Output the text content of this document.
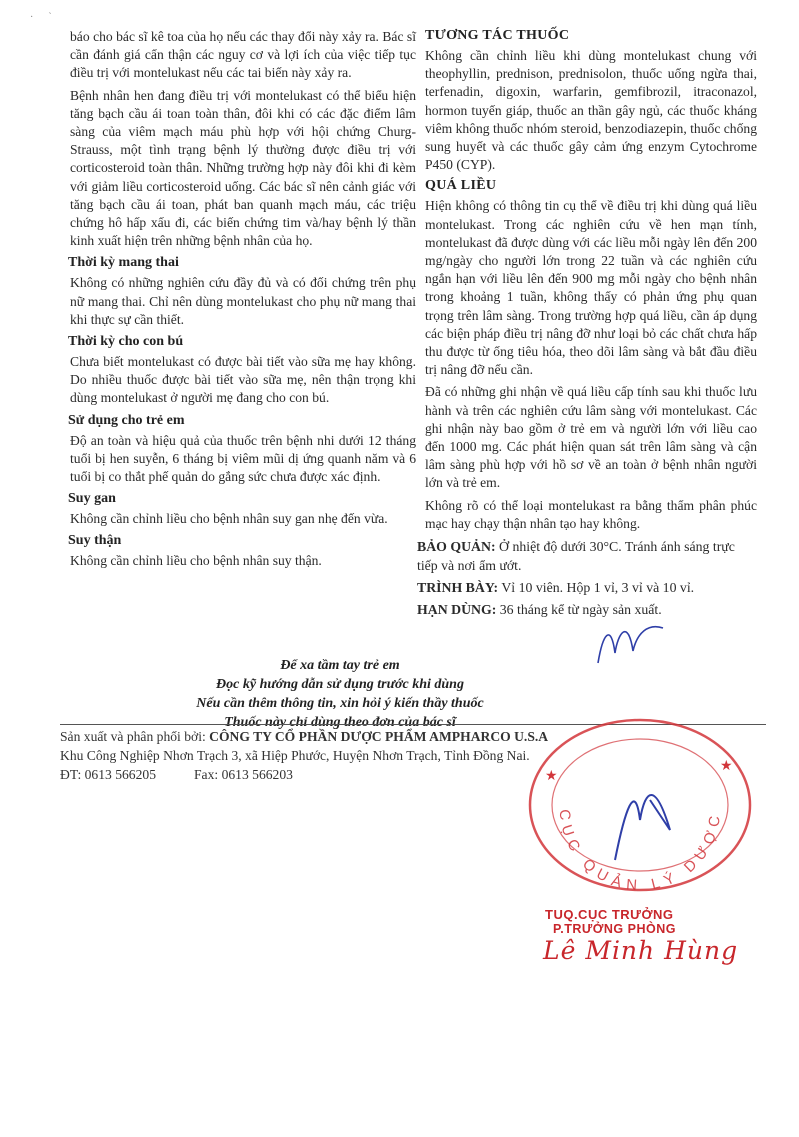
·      ˋ

báo cho bác sĩ kê toa của họ nếu các thay đổi này xảy ra. Bác sĩ cần đánh giá cẩn thận các nguy cơ và lợi ích của việc tiếp tục điều trị với montelukast nếu các tai biến này xảy ra.

Bệnh nhân hen đang điều trị với montelukast có thể biểu hiện tăng bạch cầu ái toan toàn thân, đôi khi có các đặc điểm lâm sàng của viêm mạch máu phù hợp với hội chứng Churg-Strauss, một tình trạng bệnh lý thường được điều trị với corticosteroid toàn thân. Những trường hợp này đôi khi đi kèm với giảm liều corticosteroid uống. Các bác sĩ nên cảnh giác với tăng bạch cầu ái toan, phát ban quanh mạch máu, các triệu chứng hô hấp xấu đi, các biến chứng tim và/hay bệnh lý thần kinh xuất hiện trên những bệnh nhân của họ.

Thời kỳ mang thai

Không có những nghiên cứu đầy đủ và có đối chứng trên phụ nữ mang thai. Chỉ nên dùng montelukast cho phụ nữ mang thai khi thực sự cần thiết.

Thời kỳ cho con bú

Chưa biết montelukast có được bài tiết vào sữa mẹ hay không. Do nhiều thuốc được bài tiết vào sữa mẹ, nên thận trọng khi dùng montelukast ở người mẹ đang cho con bú.

Sử dụng cho trẻ em

Độ an toàn và hiệu quả của thuốc trên bệnh nhi dưới 12 tháng tuổi bị hen suyễn, 6 tháng bị viêm mũi dị ứng quanh năm và 6 tuổi bị co thắt phế quản do gắng sức chưa được xác định.

Suy gan

Không cần chỉnh liều cho bệnh nhân suy gan nhẹ đến vừa.

Suy thận

Không cần chỉnh liều cho bệnh nhân suy thận.

TƯƠNG TÁC THUỐC

Không cần chỉnh liều khi dùng montelukast chung với theophyllin, prednison, prednisolon, thuốc uống ngừa thai, terfenadin, digoxin, warfarin, gemfibrozil, itraconazol, hormon tuyến giáp, thuốc an thần gây ngủ, các thuốc kháng viêm không thuốc nhóm steroid, benzodiazepin, thuốc chống sung huyết và các thuốc gây cảm ứng enzym Cytochrome P450 (CYP).

QUÁ LIỀU

Hiện không có thông tin cụ thể về điều trị khi dùng quá liều montelukast. Trong các nghiên cứu về hen mạn tính, montelukast đã được dùng với các liều mỗi ngày lên đến 200 mg/ngày cho người lớn trong 22 tuần và các nghiên cứu ngắn hạn với liều lên đến 900 mg mỗi ngày cho bệnh nhân trong khoảng 1 tuần, không thấy có phản ứng phụ quan trọng trên lâm sàng. Trong trường hợp quá liều, cần áp dụng các biện pháp điều trị nâng đỡ như loại bỏ các chất chưa hấp thu được từ ống tiêu hóa, theo dõi lâm sàng và bắt đầu điều trị nâng đỡ nếu cần.

Đã có những ghi nhận về quá liều cấp tính sau khi thuốc lưu hành và trên các nghiên cứu lâm sàng với montelukast. Các ghi nhận này bao gồm ở trẻ em và người lớn với liều cao đến 1000 mg. Các phát hiện quan sát trên lâm sàng và cận lâm sàng phù hợp với hồ sơ về an toàn ở bệnh nhân người lớn và trẻ em.

Không rõ có thể loại montelukast ra bằng thẩm phân phúc mạc hay chạy thận nhân tạo hay không.

BẢO QUẢN: Ở nhiệt độ dưới 30°C. Tránh ánh sáng trực tiếp và nơi ẩm ướt.
TRÌNH BÀY: Vỉ 10 viên. Hộp 1 vỉ, 3 vỉ và 10 vỉ.
HẠN DÙNG: 36 tháng kể từ ngày sản xuất.
Để xa tầm tay trẻ em
Đọc kỹ hướng dẫn sử dụng trước khi dùng
Nếu cần thêm thông tin, xin hỏi ý kiến thầy thuốc
Thuốc này chỉ dùng theo đơn của bác sĩ
Sản xuất và phân phối bởi: CÔNG TY CỔ PHẦN DƯỢC PHẨM AMPHARCO U.S.A
Khu Công Nghiệp Nhơn Trạch 3, xã Hiệp Phước, Huyện Nhơn Trạch, Tỉnh Đồng Nai.
ĐT: 0613 566205	Fax: 0613 566203
CỤC QUẢN LÝ DƯỢC
★
★
TUQ.CỤC TRƯỞNG
P.TRƯỞNG PHÒNG
Lê Minh Hùng
